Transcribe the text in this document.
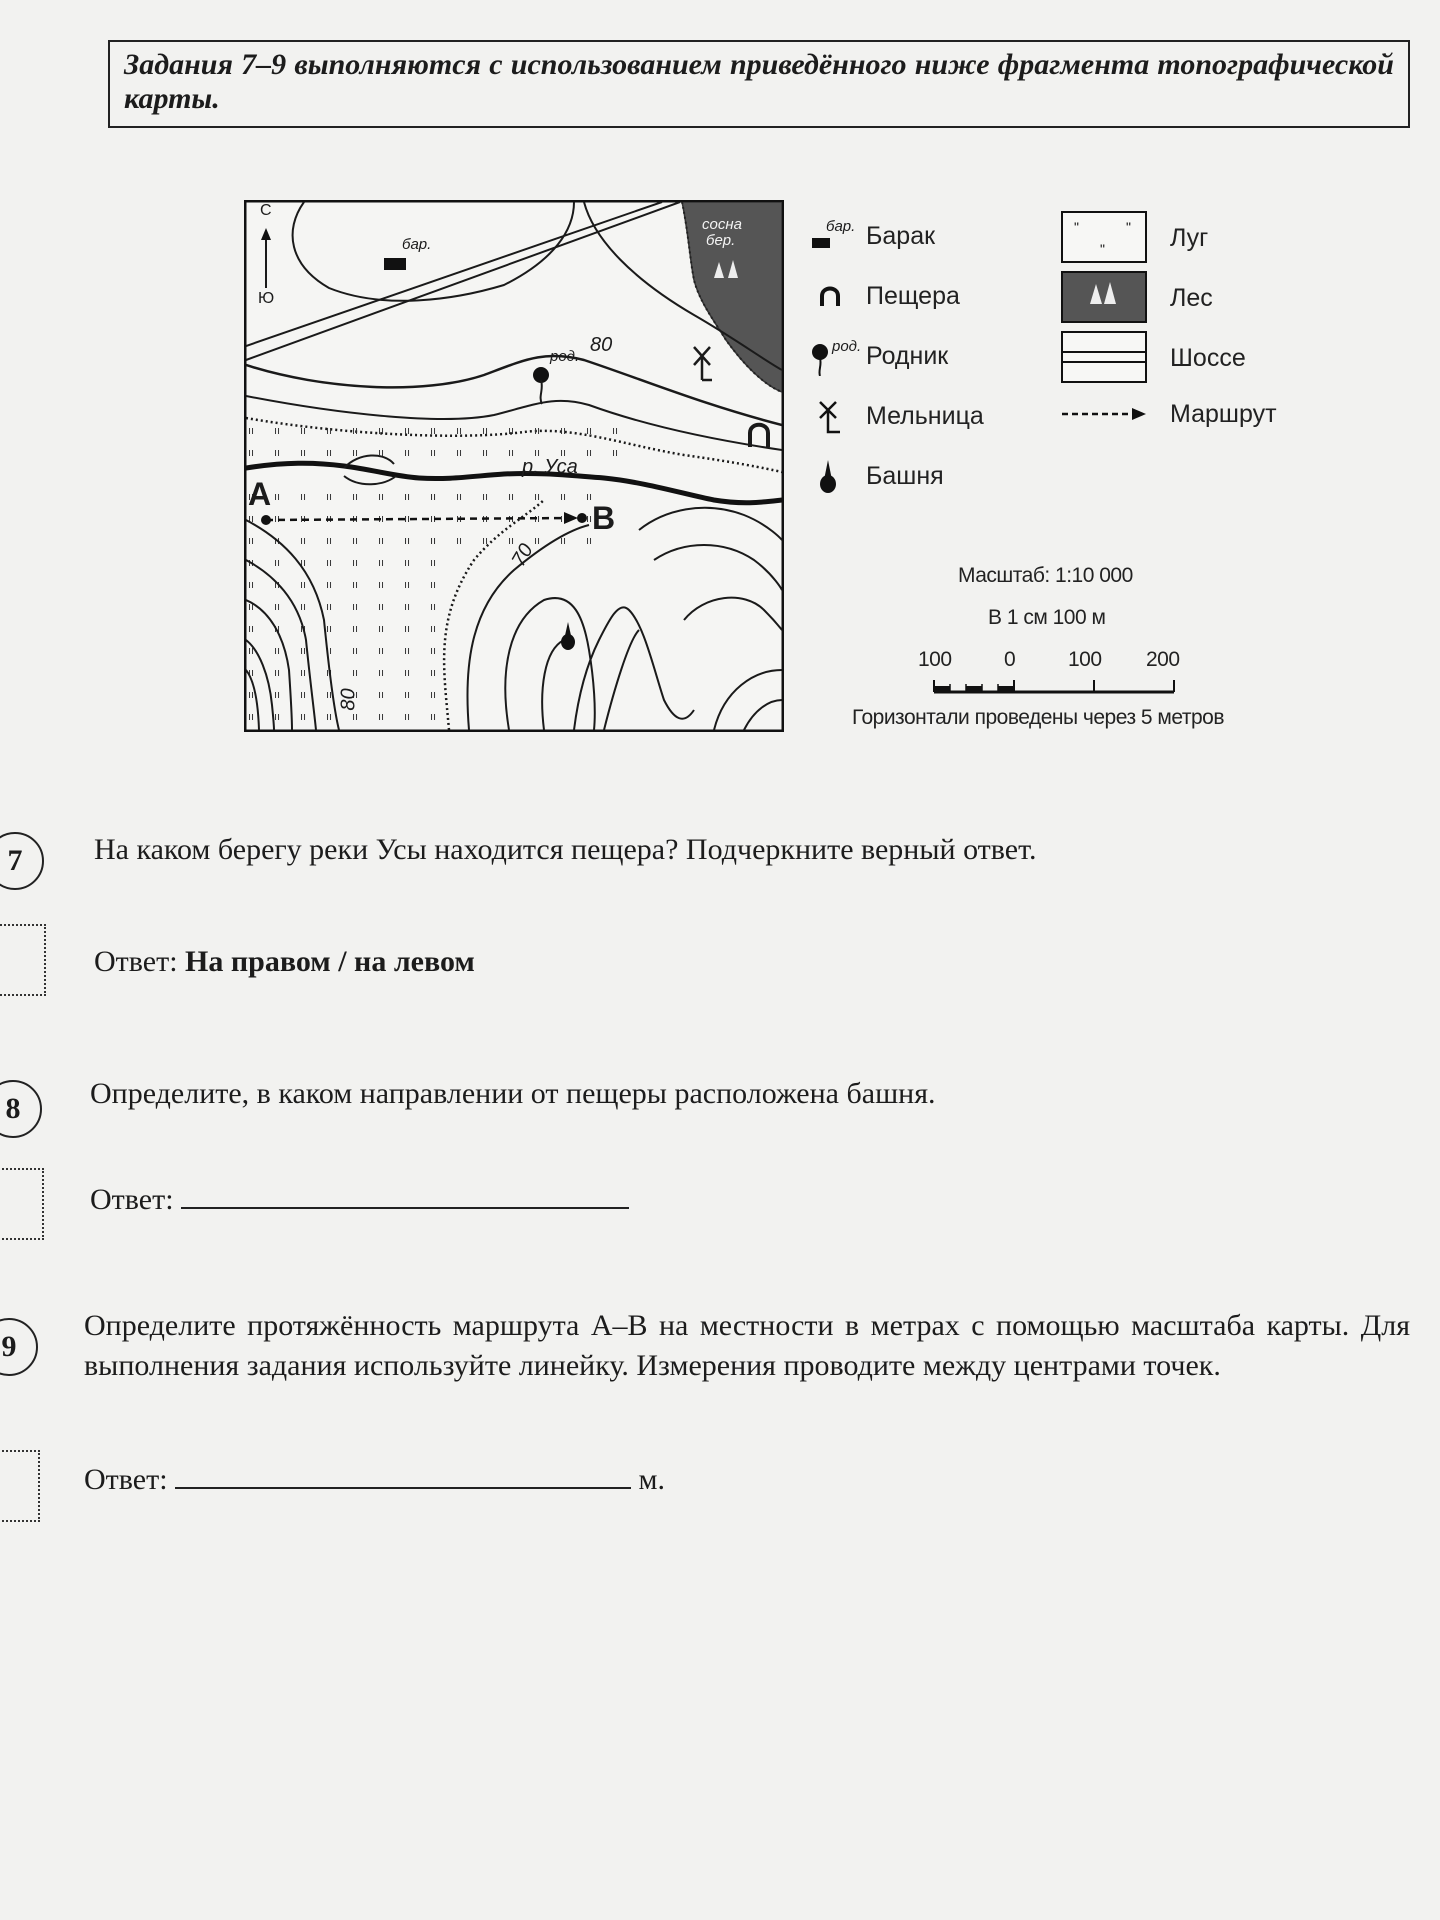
Задания 7–9 выполняются с использованием приведённого ниже фрагмента топографической карты.
С
Ю
бар.
сосна
бер.
род.
80
р. Уса
70
80
A
B
бар. Барак
Пещера
род. Родник
Мельница
Башня
"	"
"	Луг
Лес
Шоссе
Маршрут
Масштаб: 1:10 000
В 1 см 100 м
100 0	100 200
Горизонтали проведены через 5 метров
7 На каком берегу реки Усы находится пещера? Подчеркните верный ответ.
Ответ: На правом / на левом
8 Определите, в каком направлении от пещеры расположена башня.
Ответ:
9
Определите протяжённость маршрута А–В на местности в метрах с помощью масштаба карты. Для выполнения задания используйте линейку. Измерения проводите между центрами точек.
Ответ:	м.
